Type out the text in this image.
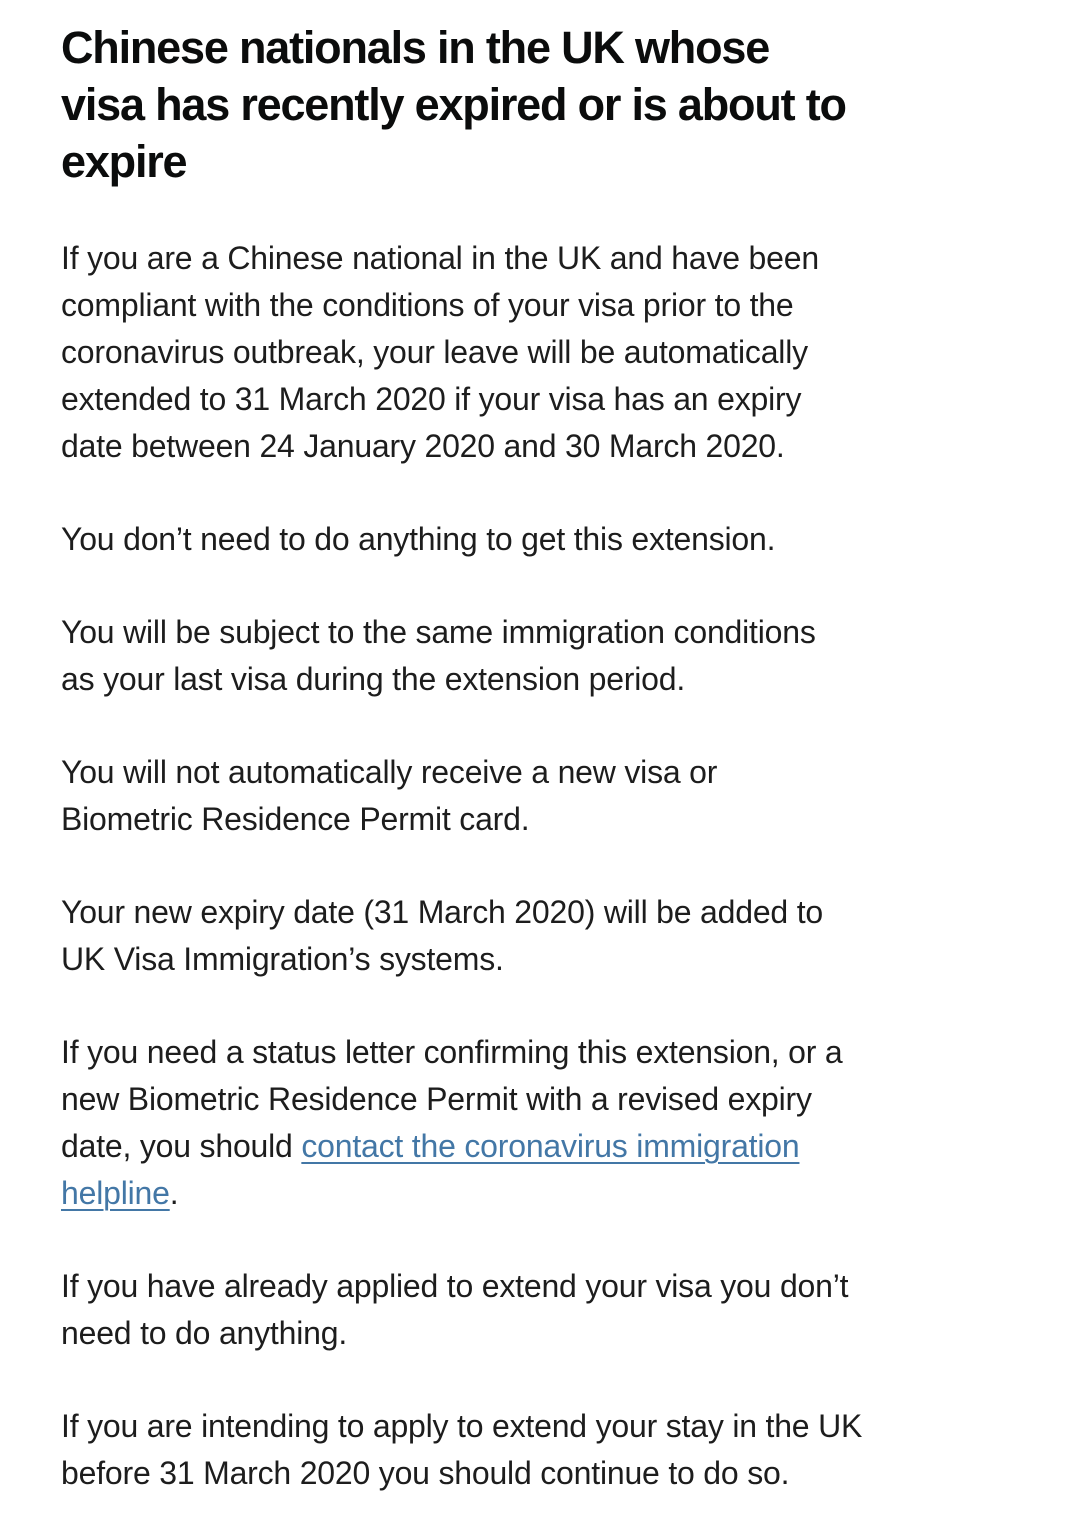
Chinese nationals in the UK whose
visa has recently expired or is about to
expire

If you are a Chinese national in the UK and have been
compliant with the conditions of your visa prior to the
coronavirus outbreak, your leave will be automatically
extended to 31 March 2020 if your visa has an expiry
date between 24 January 2020 and 30 March 2020.

You don’t need to do anything to get this extension.

You will be subject to the same immigration conditions
as your last visa during the extension period.

You will not automatically receive a new visa or
Biometric Residence Permit card.

Your new expiry date (31 March 2020) will be added to
UK Visa Immigration’s systems.

If you need a status letter confirming this extension, or a
new Biometric Residence Permit with a revised expiry
date, you should contact the coronavirus immigration
helpline.

If you have already applied to extend your visa you don’t
need to do anything.

If you are intending to apply to extend your stay in the UK
before 31 March 2020 you should continue to do so.
